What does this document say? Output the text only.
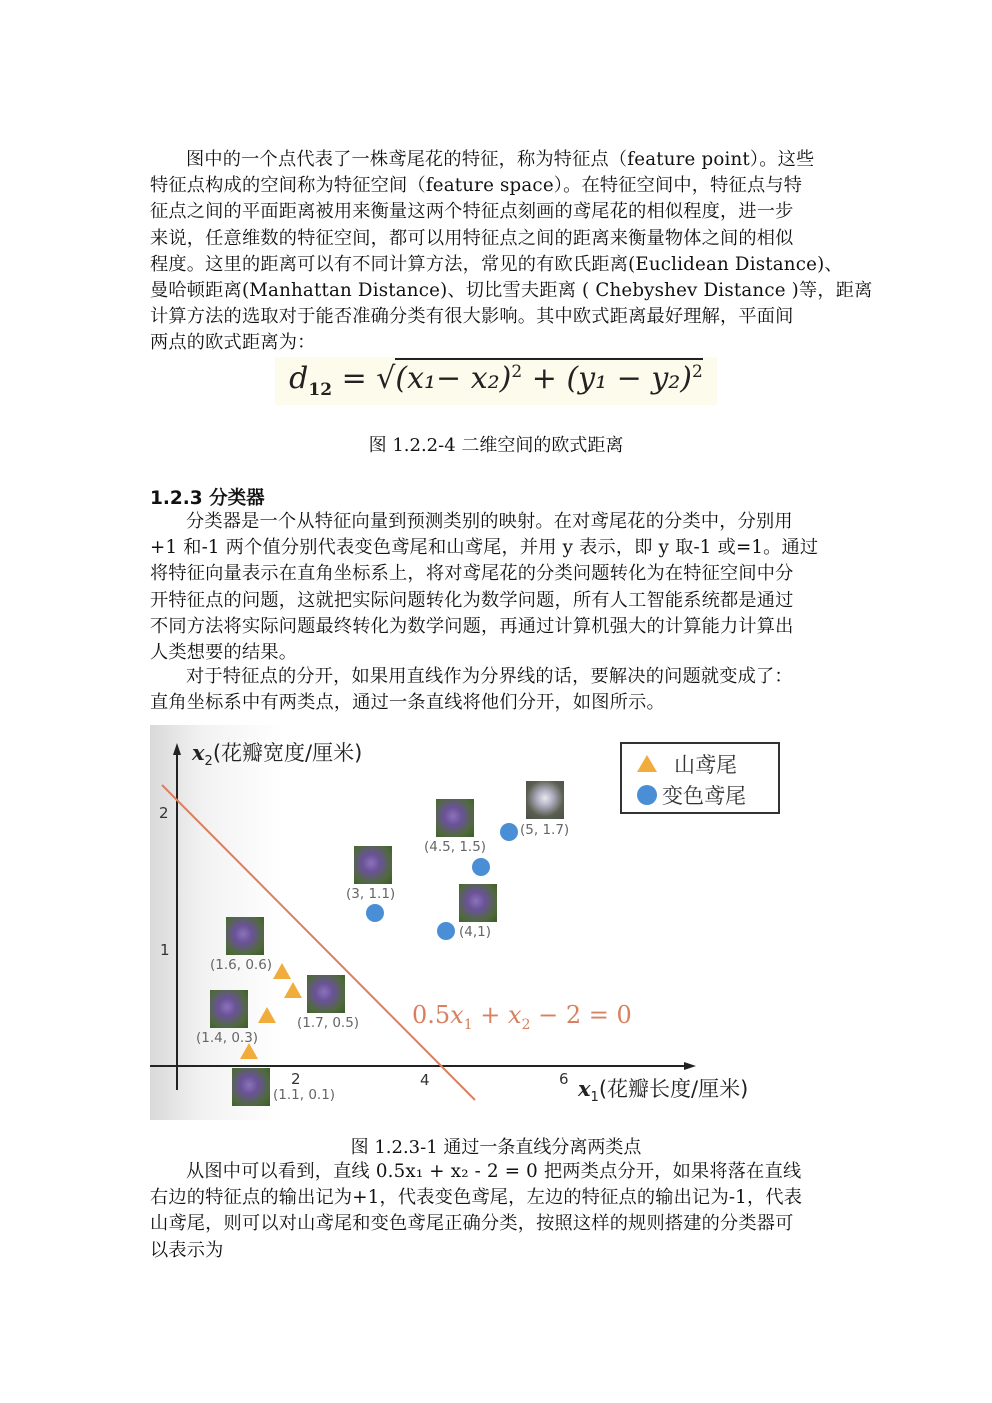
图中的一个点代表了一株鸢尾花的特征，称为特征点（feature point）。这些
特征点构成的空间称为特征空间（feature space）。在特征空间中，特征点与特
征点之间的平面距离被用来衡量这两个特征点刻画的鸢尾花的相似程度，进一步
来说，任意维数的特征空间，都可以用特征点之间的距离来衡量物体之间的相似
程度。这里的距离可以有不同计算方法，常见的有欧氏距离(Euclidean Distance)、
曼哈顿距离(Manhattan Distance)、切比雪夫距离 ( Chebyshev Distance )等，距离
计算方法的选取对于能否准确分类有很大影响。其中欧式距离最好理解，平面间
两点的欧式距离为：
$d_{12} = √(x_1- x_2)^2 + (y_1 - y_2)^2$
图 1.2.2-4 二维空间的欧式距离
1.2.3 分类器
分类器是一个从特征向量到预测类别的映射。在对鸢尾花的分类中，分别用
+1 和-1 两个值分别代表变色鸢尾和山鸢尾，并用 y 表示，即 y 取-1 或=1。通过
将特征向量表示在直角坐标系上，将对鸢尾花的分类问题转化为在特征空间中分
开特征点的问题，这就把实际问题转化为数学问题，所有人工智能系统都是通过
不同方法将实际问题最终转化为数学问题，再通过计算机强大的计算能力计算出
人类想要的结果。
对于特征点的分开，如果用直线作为分界线的话，要解决的问题就变成了：
直角坐标系中有两类点，通过一条直线将他们分开，如图所示。
(1.6, 0.6)
(1.4, 0.3)
(1.7, 0.5)
(1.1, 0.1)
(3, 1.1)
(4,1)
(4.5, 1.5)
(5, 1.7)
2	4	6
2
1
$x_2$(花瓣宽度/厘米)
$x_1$(花瓣长度/厘米)
$0.5x_1 + x_2 - 2 = 0$
山鸢尾
变色鸢尾
图 1.2.3-1 通过一条直线分离两类点
从图中可以看到，直线 0.5x₁ + x₂ - 2 = 0 把两类点分开，如果将落在直线
右边的特征点的输出记为+1，代表变色鸢尾，左边的特征点的输出记为-1，代表
山鸢尾，则可以对山鸢尾和变色鸢尾正确分类，按照这样的规则搭建的分类器可
以表示为
